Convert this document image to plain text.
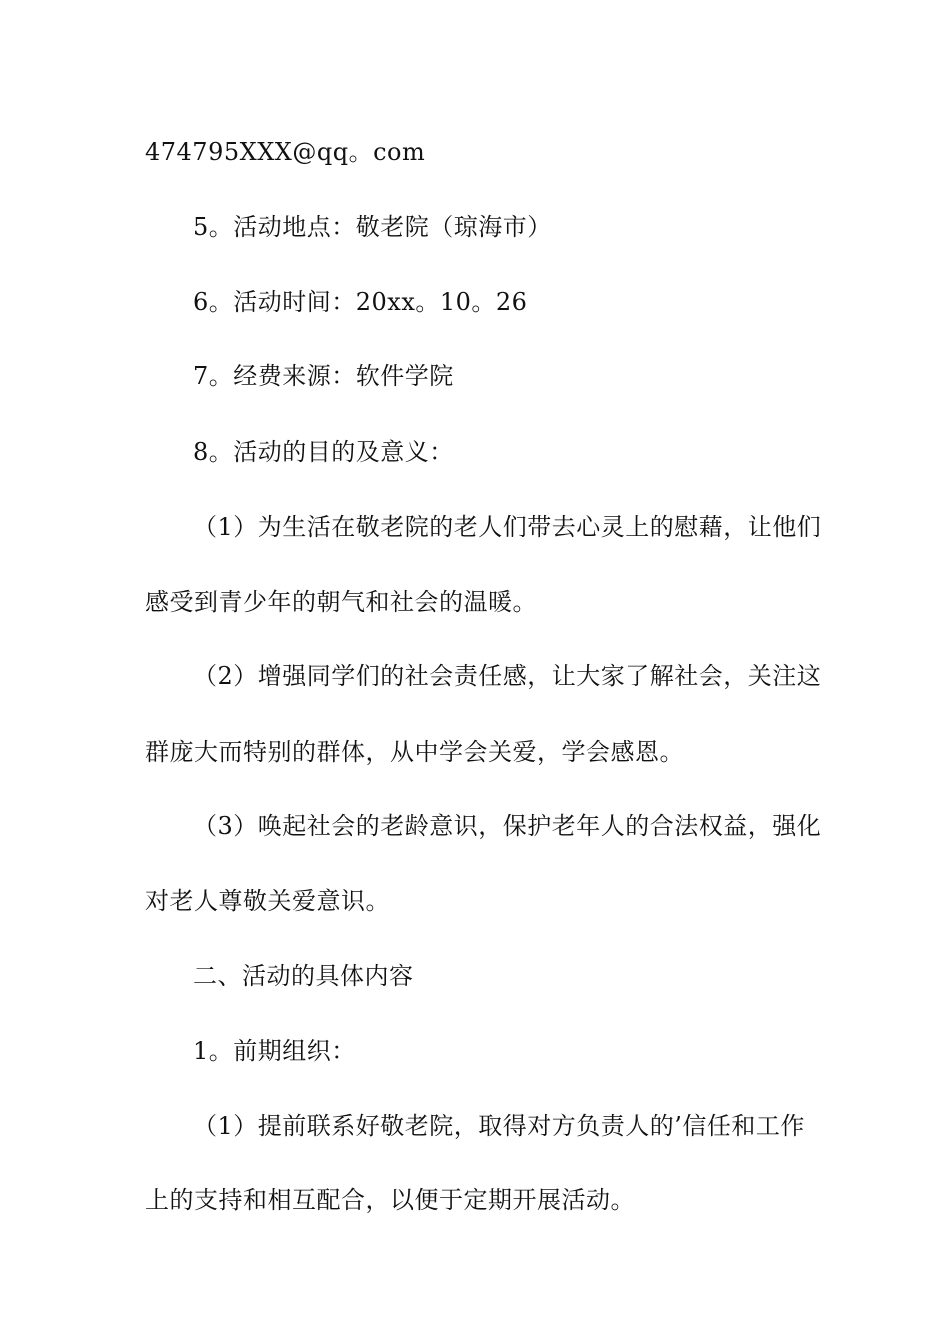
474795XXX@qq。com
5。活动地点：敬老院（琼海市）
6。活动时间：20xx。10。26
7。经费来源：软件学院
8。活动的目的及意义：
（1）为生活在敬老院的老人们带去心灵上的慰藉，让他们
感受到青少年的朝气和社会的温暖。
（2）增强同学们的社会责任感，让大家了解社会，关注这
群庞大而特别的群体，从中学会关爱，学会感恩。
（3）唤起社会的老龄意识，保护老年人的合法权益，强化
对老人尊敬关爱意识。
二、活动的具体内容
1。前期组织：
（1）提前联系好敬老院，取得对方负责人的’信任和工作
上的支持和相互配合，以便于定期开展活动。
